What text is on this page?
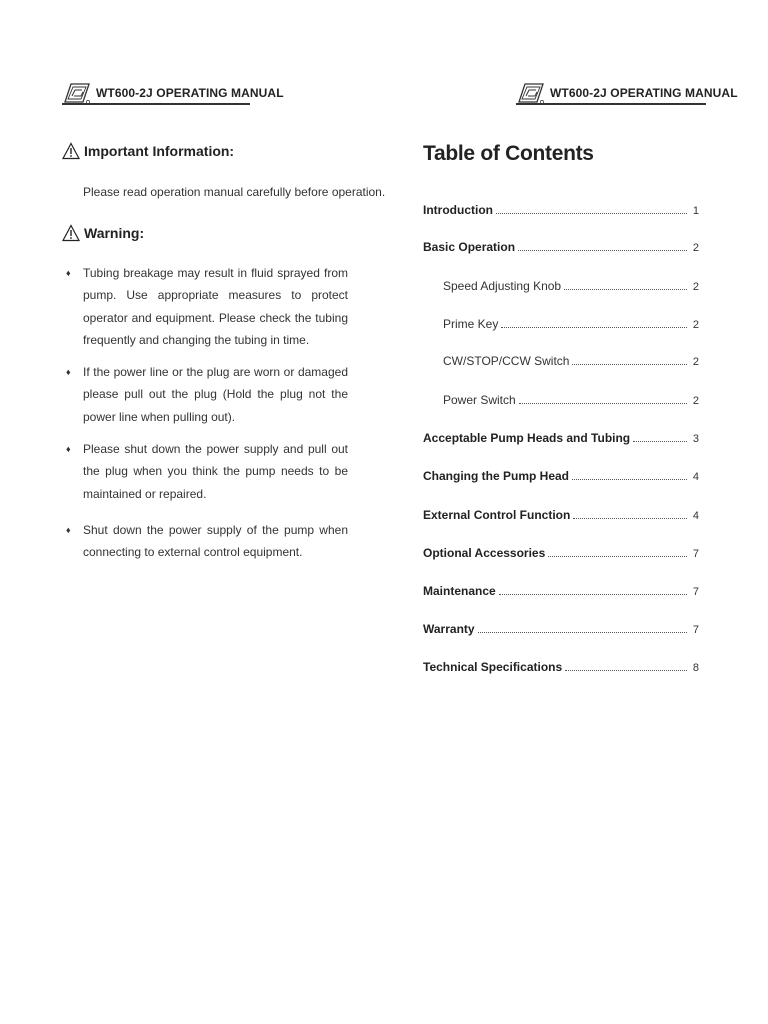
WT600-2J OPERATING MANUAL	WT600-2J OPERATING MANUAL
Important Information:
Please read operation manual carefully before operation.
Warning:
♦ Tubing breakage may result in fluid sprayed from pump. Use appropriate measures to protect operator and equipment. Please check the tubing frequently and changing the tubing in time.
♦ If the power line or the plug are worn or damaged please pull out the plug (Hold the plug not the power line when pulling out).
♦ Please shut down the power supply and pull out the plug when you think the pump needs to be maintained or repaired.
♦ Shut down the power supply of the pump when connecting to external control equipment.
Table of Contents
Introduction	1
Basic Operation	2
Speed Adjusting Knob	2
Prime Key	2
CW/STOP/CCW Switch	2
Power Switch	2
Acceptable Pump Heads and Tubing	3
Changing the Pump Head	4
External Control Function	4
Optional Accessories	7
Maintenance	7
Warranty	7
Technical Specifications	8
